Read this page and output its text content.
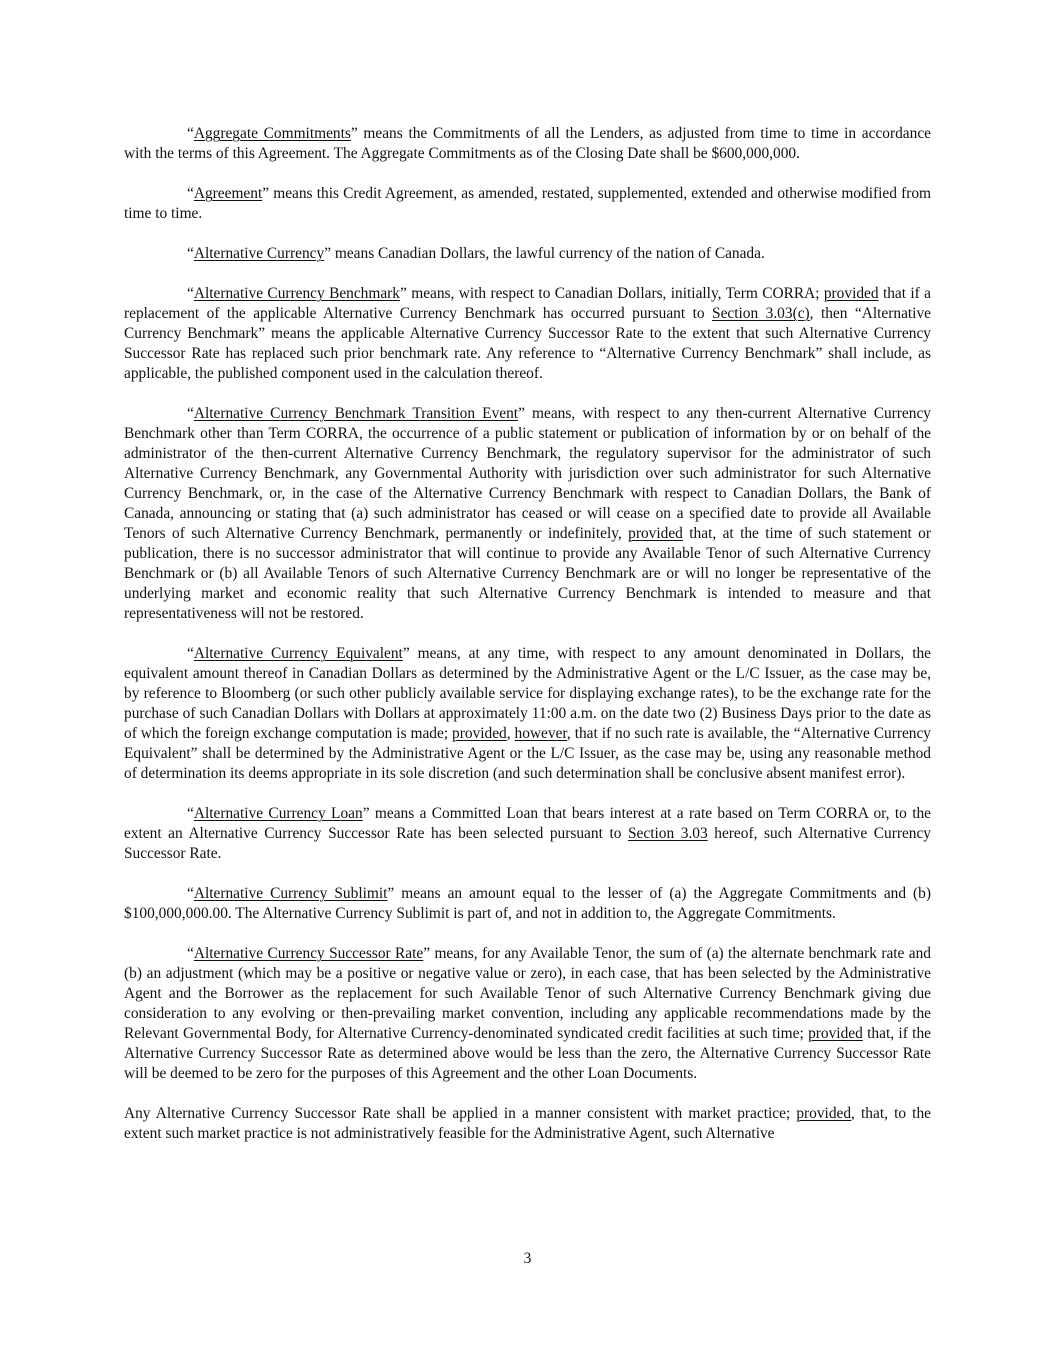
“Aggregate Commitments” means the Commitments of all the Lenders, as adjusted from time to time in accordance with the terms of this Agreement. The Aggregate Commitments as of the Closing Date shall be $600,000,000.

“Agreement” means this Credit Agreement, as amended, restated, supplemented, extended and otherwise modified from time to time.

“Alternative Currency” means Canadian Dollars, the lawful currency of the nation of Canada.

“Alternative Currency Benchmark” means, with respect to Canadian Dollars, initially, Term CORRA; provided that if a replacement of the applicable Alternative Currency Benchmark has occurred pursuant to Section 3.03(c), then “Alternative Currency Benchmark” means the applicable Alternative Currency Successor Rate to the extent that such Alternative Currency Successor Rate has replaced such prior benchmark rate. Any reference to “Alternative Currency Benchmark” shall include, as applicable, the published component used in the calculation thereof.

“Alternative Currency Benchmark Transition Event” means, with respect to any then-current Alternative Currency Benchmark other than Term CORRA, the occurrence of a public statement or publication of information by or on behalf of the administrator of the then-current Alternative Currency Benchmark, the regulatory supervisor for the administrator of such Alternative Currency Benchmark, any Governmental Authority with jurisdiction over such administrator for such Alternative Currency Benchmark, or, in the case of the Alternative Currency Benchmark with respect to Canadian Dollars, the Bank of Canada, announcing or stating that (a) such administrator has ceased or will cease on a specified date to provide all Available Tenors of such Alternative Currency Benchmark, permanently or indefinitely, provided that, at the time of such statement or publication, there is no successor administrator that will continue to provide any Available Tenor of such Alternative Currency Benchmark or (b) all Available Tenors of such Alternative Currency Benchmark are or will no longer be representative of the underlying market and economic reality that such Alternative Currency Benchmark is intended to measure and that representativeness will not be restored.

“Alternative Currency Equivalent” means, at any time, with respect to any amount denominated in Dollars, the equivalent amount thereof in Canadian Dollars as determined by the Administrative Agent or the L/C Issuer, as the case may be, by reference to Bloomberg (or such other publicly available service for displaying exchange rates), to be the exchange rate for the purchase of such Canadian Dollars with Dollars at approximately 11:00 a.m. on the date two (2) Business Days prior to the date as of which the foreign exchange computation is made; provided, however, that if no such rate is available, the “Alternative Currency Equivalent” shall be determined by the Administrative Agent or the L/C Issuer, as the case may be, using any reasonable method of determination its deems appropriate in its sole discretion (and such determination shall be conclusive absent manifest error).

“Alternative Currency Loan” means a Committed Loan that bears interest at a rate based on Term CORRA or, to the extent an Alternative Currency Successor Rate has been selected pursuant to Section 3.03 hereof, such Alternative Currency Successor Rate.

“Alternative Currency Sublimit” means an amount equal to the lesser of (a) the Aggregate Commitments and (b) $100,000,000.00. The Alternative Currency Sublimit is part of, and not in addition to, the Aggregate Commitments.

“Alternative Currency Successor Rate” means, for any Available Tenor, the sum of (a) the alternate benchmark rate and (b) an adjustment (which may be a positive or negative value or zero), in each case, that has been selected by the Administrative Agent and the Borrower as the replacement for such Available Tenor of such Alternative Currency Benchmark giving due consideration to any evolving or then-prevailing market convention, including any applicable recommendations made by the Relevant Governmental Body, for Alternative Currency-denominated syndicated credit facilities at such time; provided that, if the Alternative Currency Successor Rate as determined above would be less than the zero, the Alternative Currency Successor Rate will be deemed to be zero for the purposes of this Agreement and the other Loan Documents.

Any Alternative Currency Successor Rate shall be applied in a manner consistent with market practice; provided, that, to the extent such market practice is not administratively feasible for the Administrative Agent, such Alternative

3
